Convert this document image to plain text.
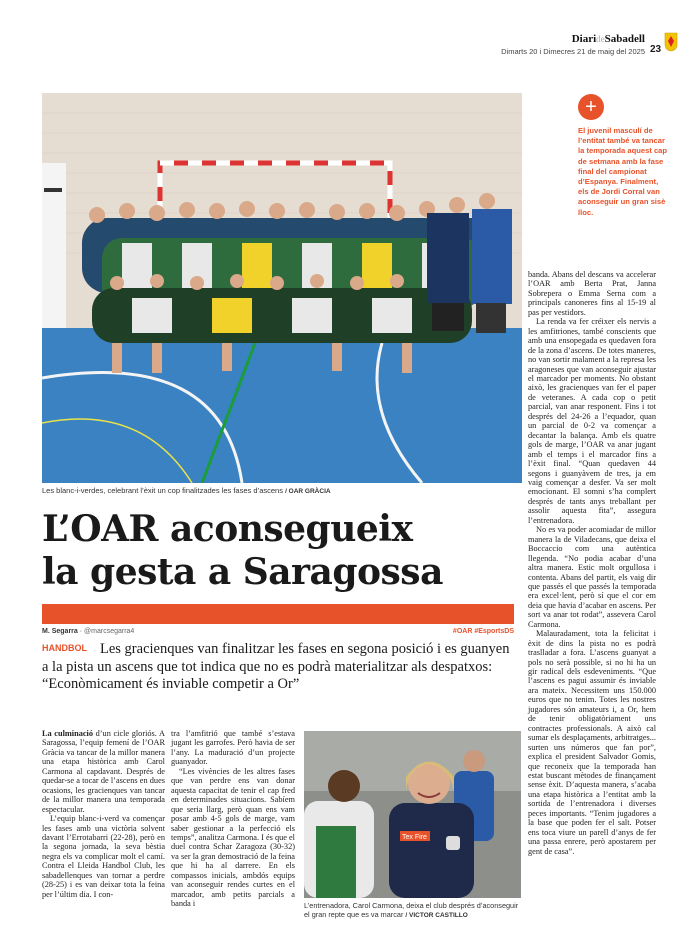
DiarideSabadell
Dimarts 20 i Dimecres 21 de maig del 2025 23
Les blanc-i-verdes, celebrant l’èxit un cop finalitzades les fases d’ascens / OAR GRÀCIA
+
El juvenil masculí de l’entitat també va tancar la temporada aquest cap de setmana amb la fase final del campionat d’Espanya. Finalment, els de Jordi Corral van aconseguir un gran sisè lloc.
L’OAR aconsegueix
la gesta a Saragossa
M. Segarra · @marcsegarra4	#OAR #EsportsDS
HANDBOL Les gracienques van finalitzar les fases en segona posició i es guanyen a la pista un ascens que tot indica que no es podrà materialitzar als despatxos: “Econòmicament és inviable competir a Or”

La culminació d’un cicle gloriós. A Saragossa, l’equip femení de l’OAR Gràcia va tancar de la millor manera una etapa històrica amb Carol Carmona al capdavant. Després de quedar-se a tocar de l’ascens en dues ocasions, les gracienques van tancar de la millor manera una temporada espectacular.

L’equip blanc-i-verd va començar les fases amb una victòria solvent davant l’Errotabarri (22-28), però en la segona jornada, la seva bèstia negra els va complicar molt el camí. Contra el Lleida Handbol Club, les sabadellenques van tornar a perdre (28-25) i es van deixar tota la feina per l’últim dia. I con-

tra l’amfitrió que també s’estava jugant les garrofes. Però havia de ser l’any. La maduració d’un projecte guanyador.

“Les vivències de les altres fases que van perdre ens van donar aquesta capacitat de tenir el cap fred en determinades situacions. Sabíem que seria llarg, però quan ens vam posar amb 4-5 gols de marge, vam saber gestionar a la perfecció els temps”, analitza Carmona. I és que el duel contra Schar Zaragoza (30-32) va ser la gran demostració de la feina que hi ha al darrere. En els compassos inicials, ambdós equips van aconseguir rendes curtes en el marcador, amb petits parcials a banda i

banda. Abans del descans va accelerar l’OAR amb Berta Prat, Janna Sobrepera o Emma Serna com a principals canoneres fins al 15-19 al pas per vestidors.

La renda va fer créixer els nervis a les amfitriones, també conscients que amb una ensopegada es quedaven fora de la zona d’ascens. De totes maneres, no van sortir malament a la represa les aragoneses que van aconseguir ajustar el marcador per moments. No obstant això, les gracienques van fer el paper de veteranes. A cada cop o petit parcial, van anar responent. Fins i tot després del 24-26 a l’equador, quan un parcial de 0-2 va començar a decantar la balança. Amb els quatre gols de marge, l’OAR va anar jugant amb el temps i el marcador fins a l’èxit final. “Quan quedaven 44 segons i guanyàvem de tres, ja em vaig començar a desfer. Va ser molt emocionant. El somni s’ha complert després de tants anys treballant per assolir aquesta fita”, assegura l’entrenadora.

No es va poder acomiadar de millor manera la de Viladecans, que deixa el Boccaccio com una autèntica llegenda. “No podia acabar d’una altra manera. Estic molt orgullosa i contenta. Abans del partit, els vaig dir que passés el que passés la temporada era excel·lent, però sí que el cor em deia que havia d’acabar en ascens. Per sort va anar tot rodat”, assevera Carol Carmona.

Malauradament, tota la felicitat i èxit de dins la pista no es podrà traslladar a fora. L’ascens guanyat a pols no serà possible, si no hi ha un gir radical dels esdeveniments. “Que l’ascens es pagui assumir és inviable ara mateix. Necessitem uns 150.000 euros que no tenim. Totes les nostres jugadores són amateurs i, a Or, hem de tenir obligatòriament uns contractes professionals. A això cal sumar els desplaçaments, arbitratges... surten uns números que fan por”, explica el president Salvador Gomis, que reconeix que la temporada han estat buscant mètodes de finançament sense èxit. D’aquesta manera, s’acaba una etapa històrica a l’entitat amb la sortida de l’entrenadora i diverses peces importants. “Tenim jugadores a la base que poden fer el salt. Potser ens toca viure un parell d’anys de fer una passa enrere, però apostarem per gent de casa”.

Tex Fire
L’entrenadora, Carol Carmona, deixa el club després d’aconseguir el gran repte que es va marcar / VICTOR CASTILLO
